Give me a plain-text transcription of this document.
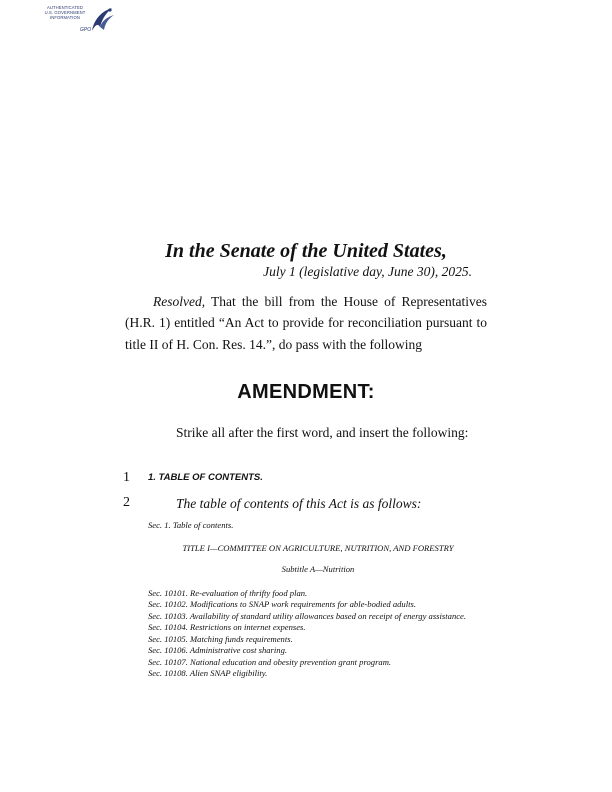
AUTHENTICATED
U.S. GOVERNMENT
INFORMATION
GPO
In the Senate of the United States,
July 1 (legislative day, June 30), 2025.

Resolved, That the bill from the House of Representatives (H.R. 1) entitled “An Act to provide for reconciliation pursuant to title II of H. Con. Res. 14.”, do pass with the following

AMENDMENT:

Strike all after the first word, and insert the following:

1 1. TABLE OF CONTENTS.
2	The table of contents of this Act is as follows:
Sec. 1. Table of contents.
TITLE I—COMMITTEE ON AGRICULTURE, NUTRITION, AND FORESTRY
Subtitle A—Nutrition
Sec. 10101. Re-evaluation of thrifty food plan.
Sec. 10102. Modifications to SNAP work requirements for able-bodied adults.
Sec. 10103. Availability of standard utility allowances based on receipt of energy assistance.
Sec. 10104. Restrictions on internet expenses.
Sec. 10105. Matching funds requirements.
Sec. 10106. Administrative cost sharing.
Sec. 10107. National education and obesity prevention grant program.
Sec. 10108. Alien SNAP eligibility.
